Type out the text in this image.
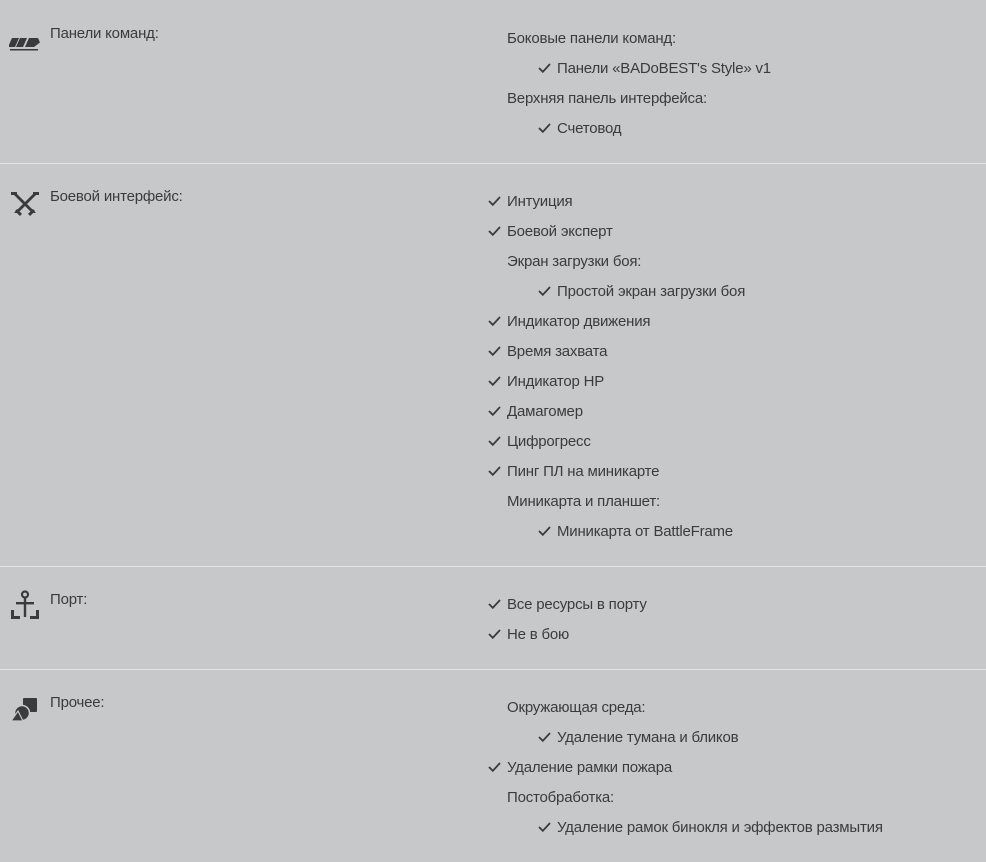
Панели команд:	Боковые панели команд:
Панели «BADoBEST's Style» v1
Верхняя панель интерфейса:
Счетовод
Боевой интерфейс:	Интуиция
Боевой эксперт
Экран загрузки боя:
Простой экран загрузки боя
Индикатор движения
Время захвата
Индикатор HP
Дамагомер
Цифрогресс
Пинг ПЛ на миникарте
Миникарта и планшет:
Миникарта от BattleFrame
Порт:	Все ресурсы в порту
Не в бою
Прочее:	Окружающая среда:
Удаление тумана и бликов
Удаление рамки пожара
Постобработка:
Удаление рамок бинокля и эффектов размытия
